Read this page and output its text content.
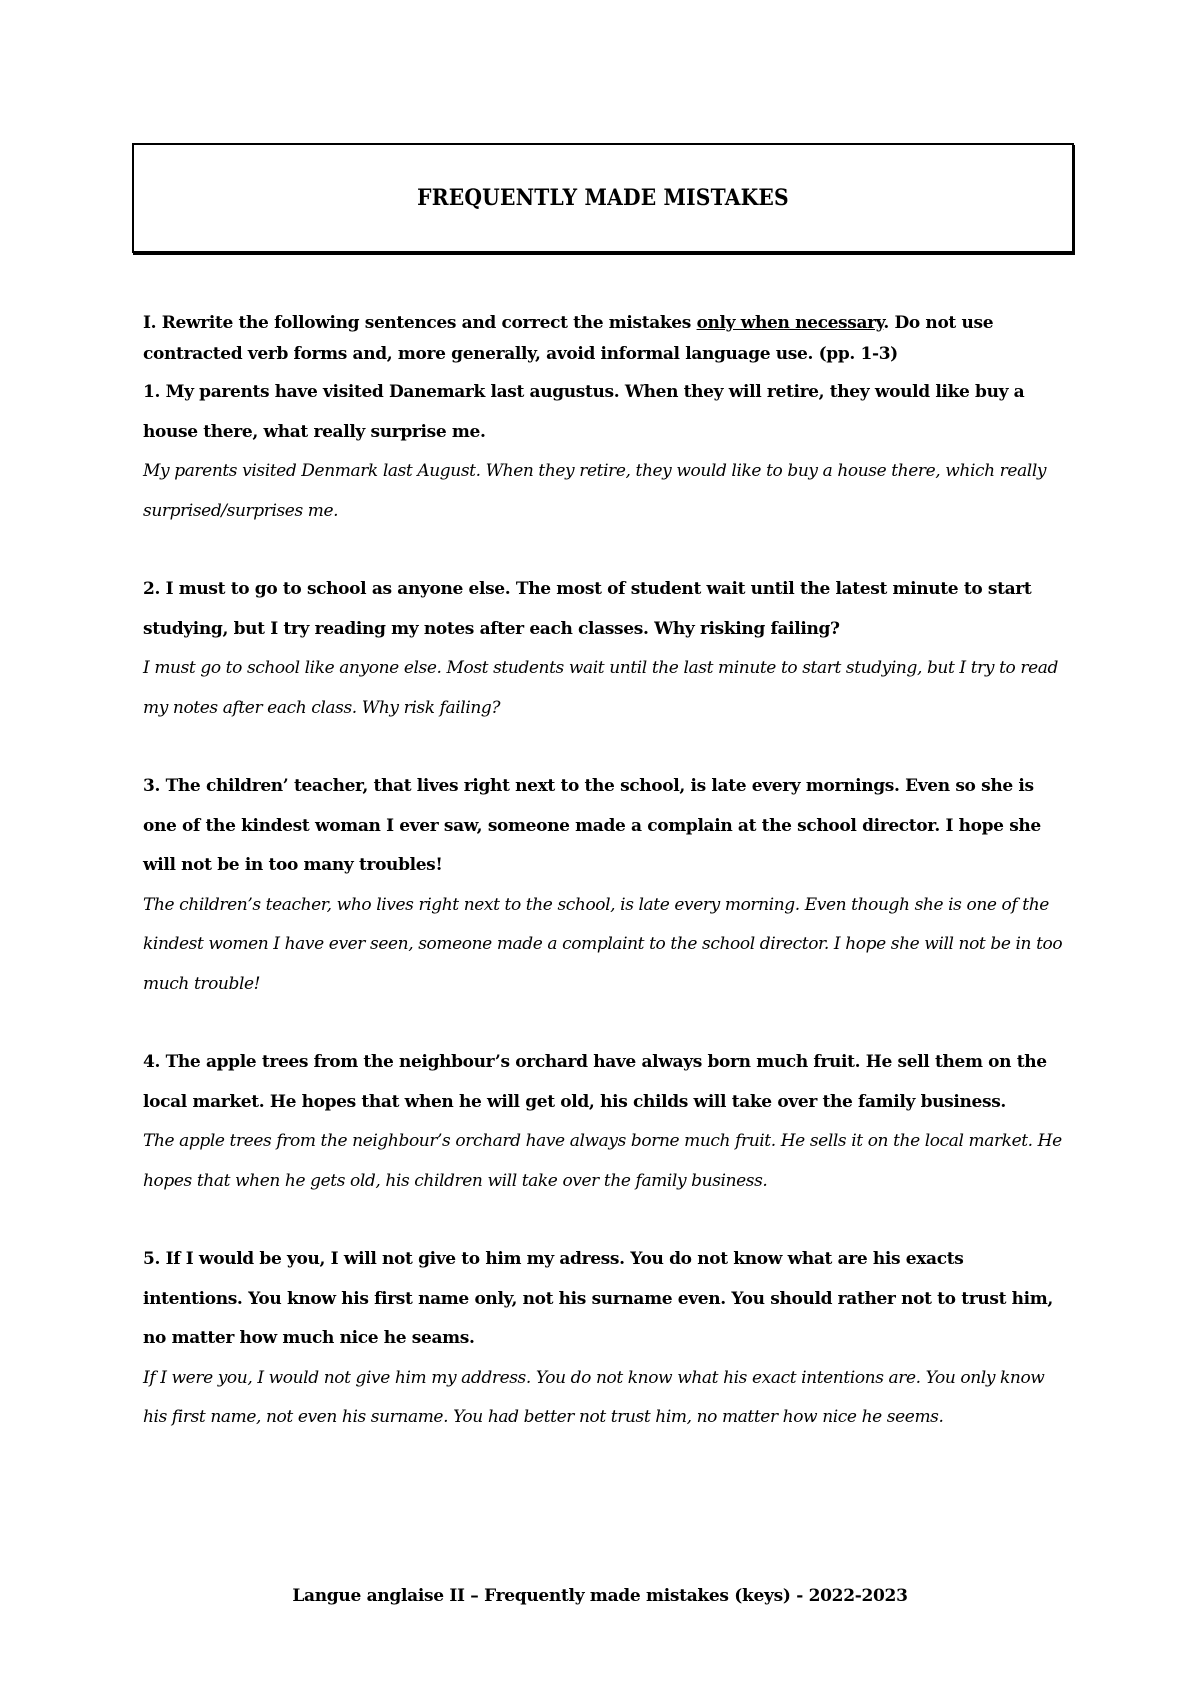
FREQUENTLY MADE MISTAKES

I. Rewrite the following sentences and correct the mistakes only when necessary. Do not use contracted verb forms and, more generally, avoid informal language use. (pp. 1-3)

1. My parents have visited Danemark last augustus. When they will retire, they would like buy a house there, what really surprise me.

My parents visited Denmark last August. When they retire, they would like to buy a house there, which really surprised/surprises me.

2. I must to go to school as anyone else. The most of student wait until the latest minute to start studying, but I try reading my notes after each classes. Why risking failing?

I must go to school like anyone else. Most students wait until the last minute to start studying, but I try to read my notes after each class. Why risk failing?

3. The children’ teacher, that lives right next to the school, is late every mornings. Even so she is one of the kindest woman I ever saw, someone made a complain at the school director. I hope she will not be in too many troubles!

The children’s teacher, who lives right next to the school, is late every morning. Even though she is one of the kindest women I have ever seen, someone made a complaint to the school director. I hope she will not be in too much trouble!

4. The apple trees from the neighbour’s orchard have always born much fruit. He sell them on the local market. He hopes that when he will get old, his childs will take over the family business.

The apple trees from the neighbour’s orchard have always borne much fruit. He sells it on the local market. He hopes that when he gets old, his children will take over the family business.

5. If I would be you, I will not give to him my adress. You do not know what are his exacts intentions. You know his first name only, not his surname even. You should rather not to trust him, no matter how much nice he seams.

If I were you, I would not give him my address. You do not know what his exact intentions are. You only know his first name, not even his surname. You had better not trust him, no matter how nice he seems.

Langue anglaise II – Frequently made mistakes (keys) - 2022-2023
